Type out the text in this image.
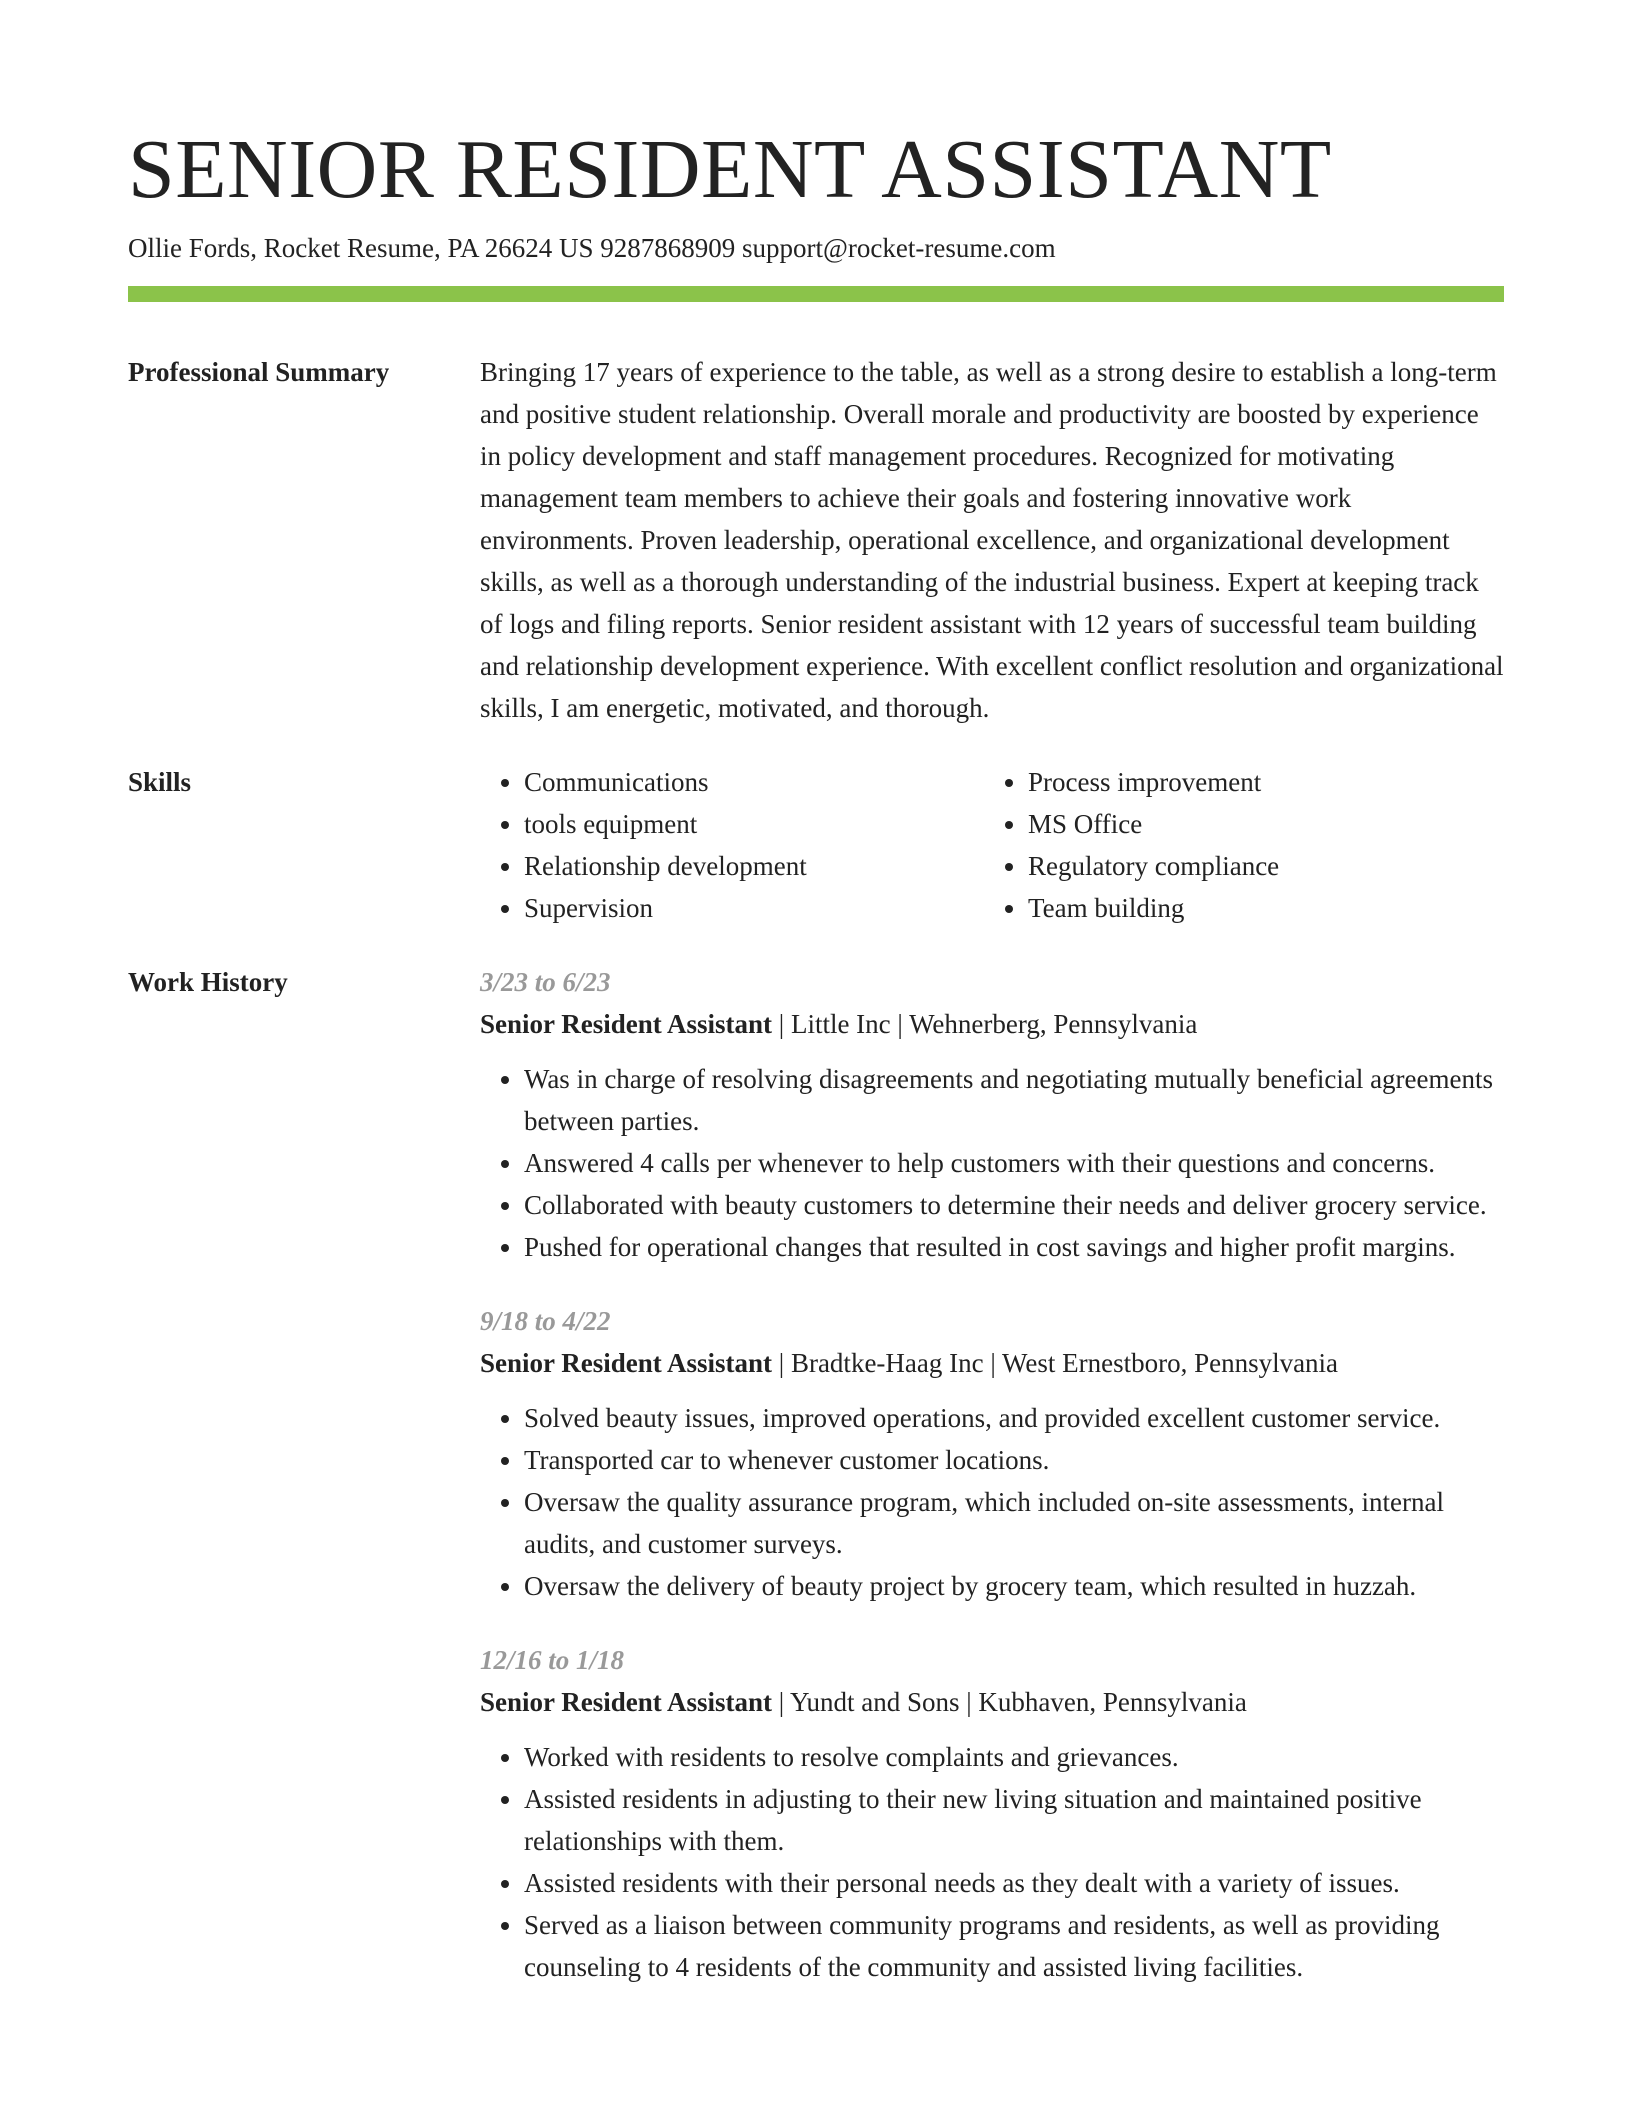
SENIOR RESIDENT ASSISTANT
Ollie Fords, Rocket Resume, PA 26624 US 9287868909 support@rocket-resume.com
Professional Summary	Bringing 17 years of experience to the table, as well as a strong desire to establish a long-term and positive student relationship. Overall morale and productivity are boosted by experience in policy development and staff management procedures. Recognized for motivating management team members to achieve their goals and fostering innovative work environments. Proven leadership, operational excellence, and organizational development skills, as well as a thorough understanding of the industrial business. Expert at keeping track of logs and filing reports. Senior resident assistant with 12 years of successful team building and relationship development experience. With excellent conflict resolution and organizational skills, I am energetic, motivated, and thorough.

Skills
•	Communications
• tools equipment
• Relationship development
• Supervision
• Process improvement
• MS Office
• Regulatory compliance
• Team building
Work History	3/23 to 6/23
Senior Resident Assistant | Little Inc | Wehnerberg, Pennsylvania
• Was in charge of resolving disagreements and negotiating mutually beneficial agreements between parties.
• Answered 4 calls per whenever to help customers with their questions and concerns.
• Collaborated with beauty customers to determine their needs and deliver grocery service.
• Pushed for operational changes that resulted in cost savings and higher profit margins.
9/18 to 4/22
Senior Resident Assistant | Bradtke-Haag Inc | West Ernestboro, Pennsylvania
• Solved beauty issues, improved operations, and provided excellent customer service.
• Transported car to whenever customer locations.
• Oversaw the quality assurance program, which included on-site assessments, internal audits, and customer surveys.
• Oversaw the delivery of beauty project by grocery team, which resulted in huzzah.
12/16 to 1/18
Senior Resident Assistant | Yundt and Sons | Kubhaven, Pennsylvania
• Worked with residents to resolve complaints and grievances.
• Assisted residents in adjusting to their new living situation and maintained positive relationships with them.
• Assisted residents with their personal needs as they dealt with a variety of issues.
• Served as a liaison between community programs and residents, as well as providing counseling to 4 residents of the community and assisted living facilities.
